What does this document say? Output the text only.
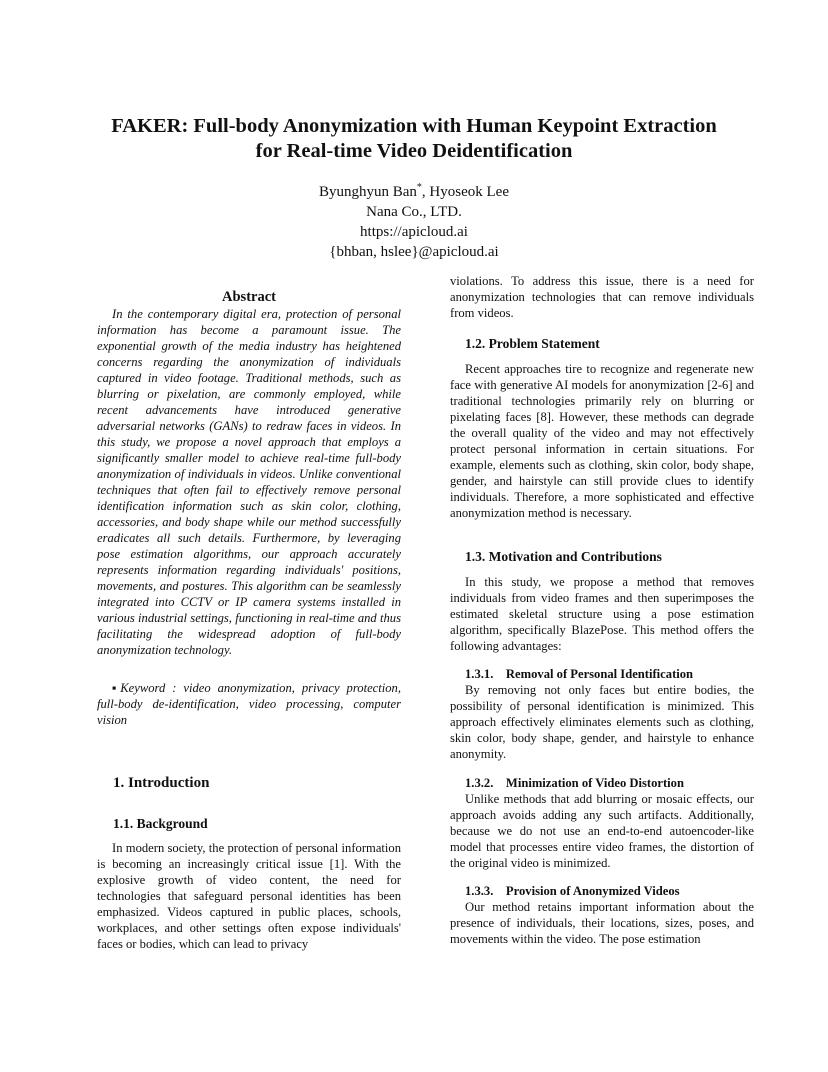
FAKER: Full-body Anonymization with Human Keypoint Extraction
for Real-time Video Deidentification
Byunghyun Ban*, Hyoseok Lee
Nana Co., LTD.
https://apicloud.ai
{bhban, hslee}@apicloud.ai
Abstract

In the contemporary digital era, protection of personal information has become a paramount issue. The exponential growth of the media industry has heightened concerns regarding the anonymization of individuals captured in video footage. Traditional methods, such as blurring or pixelation, are commonly employed, while recent advancements have introduced generative adversarial networks (GANs) to redraw faces in videos. In this study, we propose a novel approach that employs a significantly smaller model to achieve real-time full-body anonymization of individuals in videos. Unlike conventional techniques that often fail to effectively remove personal identification information such as skin color, clothing, accessories, and body shape while our method successfully eradicates all such details. Furthermore, by leveraging pose estimation algorithms, our approach accurately represents information regarding individuals' positions, movements, and postures. This algorithm can be seamlessly integrated into CCTV or IP camera systems installed in various industrial settings, functioning in real-time and thus facilitating the widespread adoption of full-body anonymization technology.

▪Keyword : video anonymization, privacy protection, full-body de-identification, video processing, computer vision

1. Introduction
1.1. Background

In modern society, the protection of personal information is becoming an increasingly critical issue [1]. With the explosive growth of video content, the need for technologies that safeguard personal identities has been emphasized. Videos captured in public places, schools, workplaces, and other settings often expose individuals' faces or bodies, which can lead to privacy

violations. To address this issue, there is a need for anonymization technologies that can remove individuals from videos.

1.2. Problem Statement

Recent approaches tire to recognize and regenerate new face with generative AI models for anonymization [2-6] and traditional technologies primarily rely on blurring or pixelating faces [8]. However, these methods can degrade the overall quality of the video and may not effectively protect personal information in certain situations. For example, elements such as clothing, skin color, body shape, gender, and hairstyle can still provide clues to identify individuals. Therefore, a more sophisticated and effective anonymization method is necessary.

1.3. Motivation and Contributions

In this study, we propose a method that removes individuals from video frames and then superimposes the estimated skeletal structure using a pose estimation algorithm, specifically BlazePose. This method offers the following advantages:

1.3.1. Removal of Personal Identification

By removing not only faces but entire bodies, the possibility of personal identification is minimized. This approach effectively eliminates elements such as clothing, skin color, body shape, gender, and hairstyle to enhance anonymity.

1.3.2. Minimization of Video Distortion

Unlike methods that add blurring or mosaic effects, our approach avoids adding any such artifacts. Additionally, because we do not use an end-to-end autoencoder-like model that processes entire video frames, the distortion of the original video is minimized.

1.3.3. Provision of Anonymized Videos

Our method retains important information about the presence of individuals, their locations, sizes, poses, and movements within the video. The pose estimation
